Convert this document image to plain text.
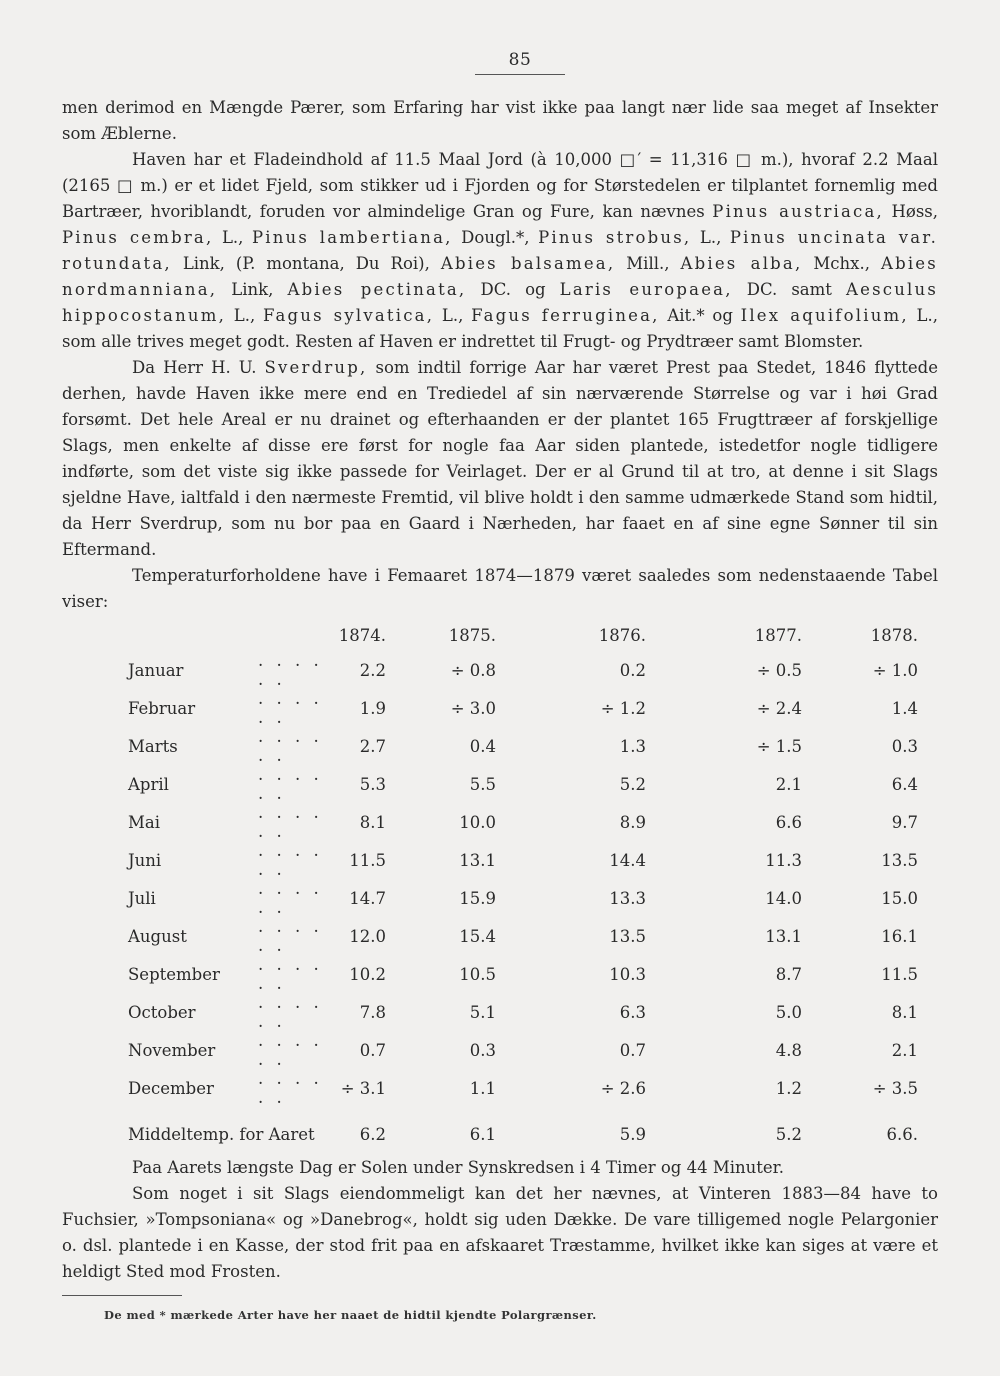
85

men derimod en Mængde Pærer, som Erfaring har vist ikke paa langt nær lide saa meget af Insekter som Æblerne.

Haven har et Fladeindhold af 11.5 Maal Jord (à 10,000 □′ = 11,316 □ m.), hvoraf 2.2 Maal (2165 □ m.) er et lidet Fjeld, som stikker ud i Fjorden og for Størstedelen er tilplantet fornemlig med Bartræer, hvoriblandt, foruden vor almindelige Gran og Fure, kan nævnes Pinus austriaca, Høss, Pinus cembra, L., Pinus lambertiana, Dougl.*, Pinus strobus, L., Pinus uncinata var. rotundata, Link, (P. montana, Du Roi), Abies balsamea, Mill., Abies alba, Mchx., Abies nordmanniana, Link, Abies pectinata, DC. og Laris europaea, DC. samt Aesculus hippocostanum, L., Fagus sylvatica, L., Fagus ferruginea, Ait.* og Ilex aquifolium, L., som alle trives meget godt. Resten af Haven er indrettet til Frugt- og Prydtræer samt Blomster.

Da Herr H. U. Sverdrup, som indtil forrige Aar har været Prest paa Stedet, 1846 flyttede derhen, havde Haven ikke mere end en Trediedel af sin nærværende Størrelse og var i høi Grad forsømt. Det hele Areal er nu drainet og efterhaanden er der plantet 165 Frugttræer af forskjellige Slags, men enkelte af disse ere først for nogle faa Aar siden plantede, istedetfor nogle tidligere indførte, som det viste sig ikke passede for Veirlaget. Der er al Grund til at tro, at denne i sit Slags sjeldne Have, ialtfald i den nærmeste Fremtid, vil blive holdt i den samme udmærkede Stand som hidtil, da Herr Sverdrup, som nu bor paa en Gaard i Nærheden, har faaet en af sine egne Sønner til sin Eftermand.

Temperaturforholdene have i Femaaret 1874—1879 været saaledes som nedenstaaende Tabel viser:

		1874.	1875.	1876.	1877.	1878.
Januar	. . . . . .	2.2	÷ 0.8	0.2	÷ 0.5	÷ 1.0
Februar	. . . . . .	1.9	÷ 3.0	÷ 1.2	÷ 2.4	1.4
Marts	. . . . . .	2.7	0.4	1.3	÷ 1.5	0.3
April	. . . . . .	5.3	5.5	5.2	2.1	6.4
Mai	. . . . . .	8.1	10.0	8.9	6.6	9.7
Juni	. . . . . .	11.5	13.1	14.4	11.3	13.5
Juli	. . . . . .	14.7	15.9	13.3	14.0	15.0
August	. . . . . .	12.0	15.4	13.5	13.1	16.1
September	. . . . . .	10.2	10.5	10.3	8.7	11.5
October	. . . . . .	7.8	5.1	6.3	5.0	8.1
November	. . . . . .	0.7	0.3	0.7	4.8	2.1
December	. . . . . .	÷ 3.1	1.1	÷ 2.6	1.2	÷ 3.5
Middeltemp. for Aaret		6.2	6.1	5.9	5.2	6.6.

Paa Aarets længste Dag er Solen under Synskredsen i 4 Timer og 44 Minuter.

Som noget i sit Slags eiendommeligt kan det her nævnes, at Vinteren 1883—84 have to Fuchsier, »Tompsoniana« og »Danebrog«, holdt sig uden Dække. De vare tilligemed nogle Pelargonier o. dsl. plantede i en Kasse, der stod frit paa en afskaaret Træstamme, hvilket ikke kan siges at være et heldigt Sted mod Frosten.

De med * mærkede Arter have her naaet de hidtil kjendte Polargrænser.
